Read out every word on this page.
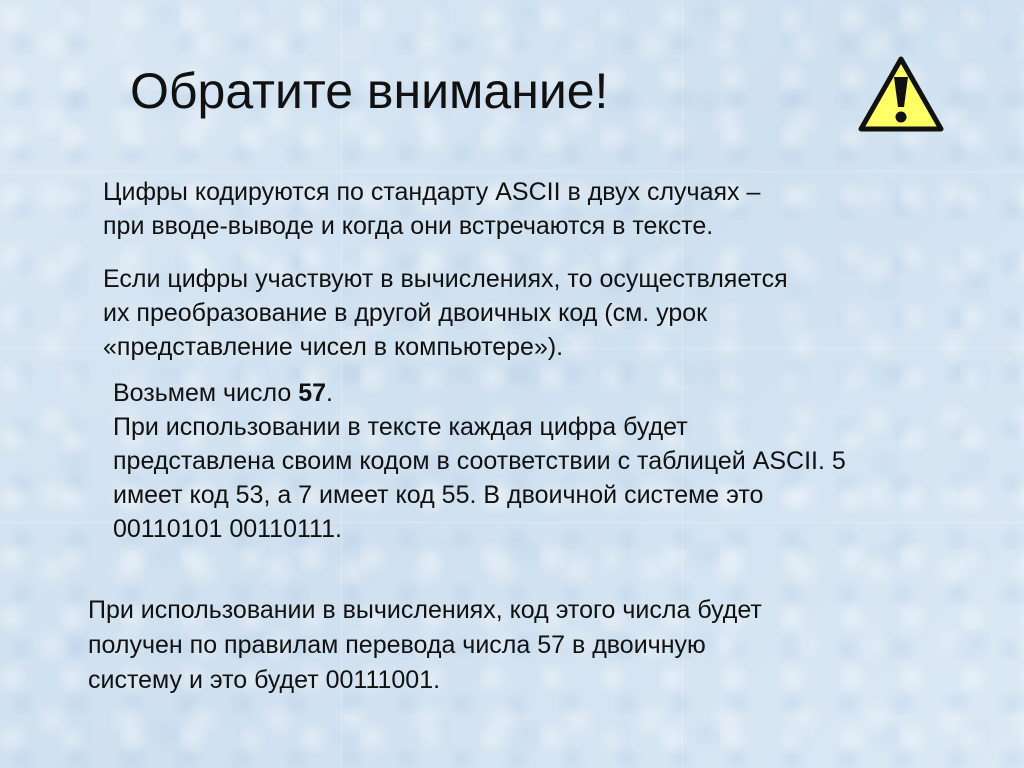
Обратите внимание!
Цифры кодируются по стандарту ASCII в двух случаях –
при вводе-выводе и когда они встречаются в тексте.
Если цифры участвуют в вычислениях, то осуществляется
их преобразование в другой двоичных код (см. урок
«представление чисел в компьютере»).
Возьмем число 57.
При использовании в тексте каждая цифра будет
представлена своим кодом в соответствии с таблицей ASCII. 5
имеет код 53, а 7 имеет код 55. В двоичной системе это
00110101 00110111.
При использовании в вычислениях, код этого числа будет
получен по правилам перевода числа 57 в двоичную
систему и это будет 00111001.
